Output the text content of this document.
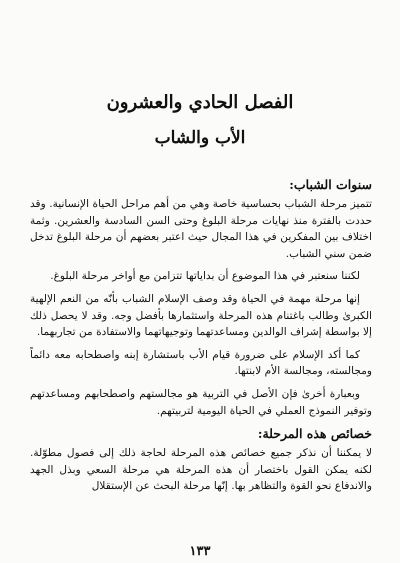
الفصل الحادي والعشرون
الأب والشاب

سنوات الشباب:

تتميز مرحلة الشباب بحساسية خاصة وهي من أهم مراحل الحياة الإنسانية. وقد حددت بالفترة منذ نهايات مرحلة البلوغ وحتى السن السادسة والعشرين. وثمة اختلاف بين المفكرين في هذا المجال حيث اعتبر بعضهم أن مرحلة البلوغ تدخل ضمن سني الشباب.

لكننا سنعتبر في هذا الموضوع أن بداياتها تتزامن مع أواخر مرحلة البلوغ.

إنها مرحلة مهمة في الحياة وقد وصف الإسلام الشباب بأنّه من النعم الإلهية الكبرىٰ وطالب باغتنام هذه المرحلة واستثمارها بأفضل وجه. وقد لا يحصل ذلك إلا بواسطة إشراف الوالدين ومساعدتهما وتوجيهاتهما والاستفادة من تجاربهما.

كما أكد الإسلام على ضرورة قيام الأب باستشارة إبنه واصطحابه معه دائماً ومجالسته، ومجالسة الأم لابنتها.

وبعبارة أخرىٰ فإن الأصل في التربية هو مجالستهم واصطحابهم ومساعدتهم وتوفير النموذج العملي في الحياة اليومية لتربيتهم.

خصائص هذه المرحلة:

لا يمكننا أن نذكر جميع خصائص هذه المرحلة لحاجة ذلك إلى فصول مطوّلة. لكنه يمكن القول باختصار أن هذه المرحلة هي مرحلة السعي وبذل الجهد والاندفاع نحو القوة والتظاهر بها. إنّها مرحلة البحث عن الإستقلال

١٣٣
